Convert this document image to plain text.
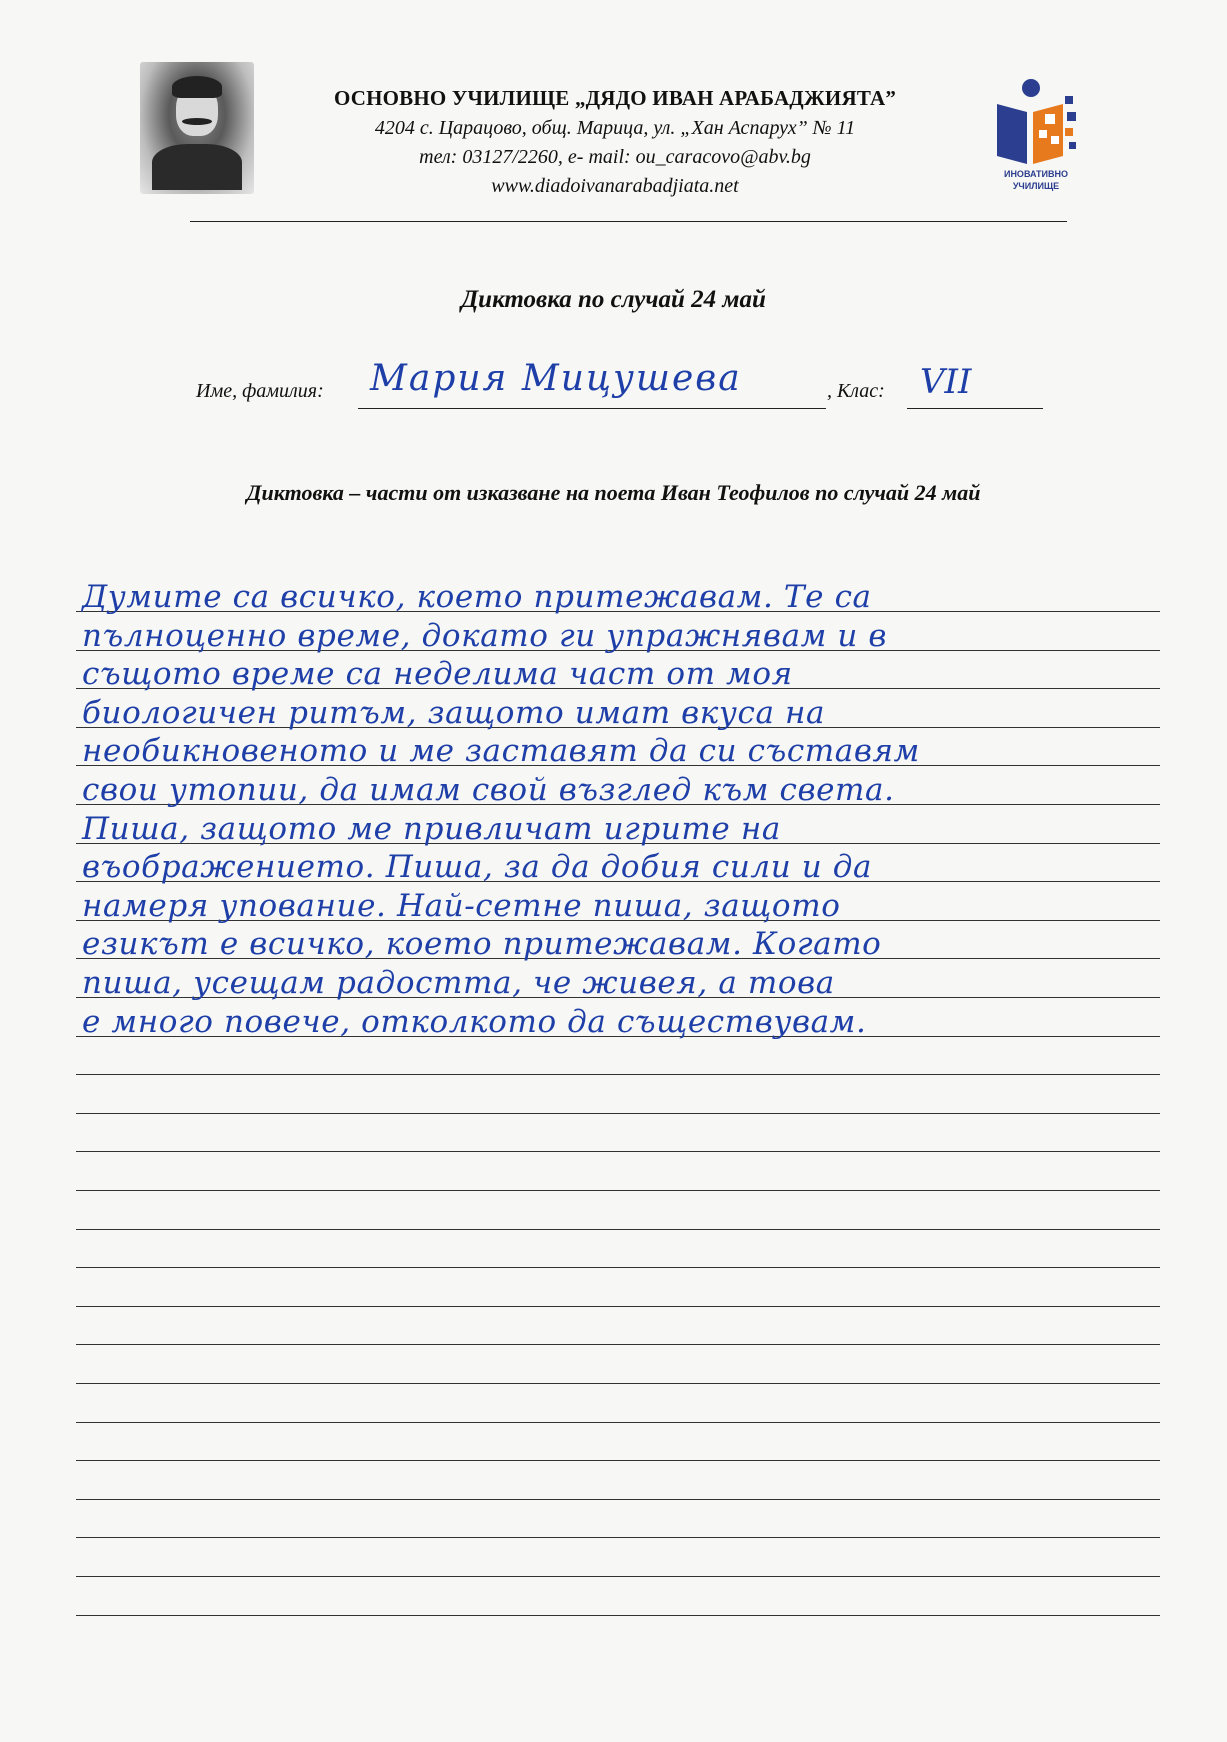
ОСНОВНО УЧИЛИЩЕ „ДЯДО ИВАН АРАБАДЖИЯТА”
4204 с. Царацово, общ. Марица, ул. „Хан Аспарух” № 11
тел: 03127/2260, е- mail: ou_caracovo@abv.bg
www.diadoivanarabadjiata.net
ИНОВАТИВНО
УЧИЛИЩЕ
Диктовка по случай 24 май
Име, фамилия: Мария Мицушева	, Клас: VII
Диктовка – части от изказване на поета Иван Теофилов по случай 24 май
Думите са всичко, което притежавам. Те са
пълноценно време, докато ги упражнявам и в
същото време са неделима част от моя
биологичен ритъм, защото имат вкуса на
необикновеното и ме заставят да си съставям
свои утопии, да имам свой възглед към света.
Пиша, защото ме привличат игрите на
въображението. Пиша, за да добия сили и да
намеря упование. Най-сетне пиша, защото
езикът е всичко, което притежавам. Когато
пиша, усещам радостта, че живея, а това
е много повече, отколкото да съществувам.
